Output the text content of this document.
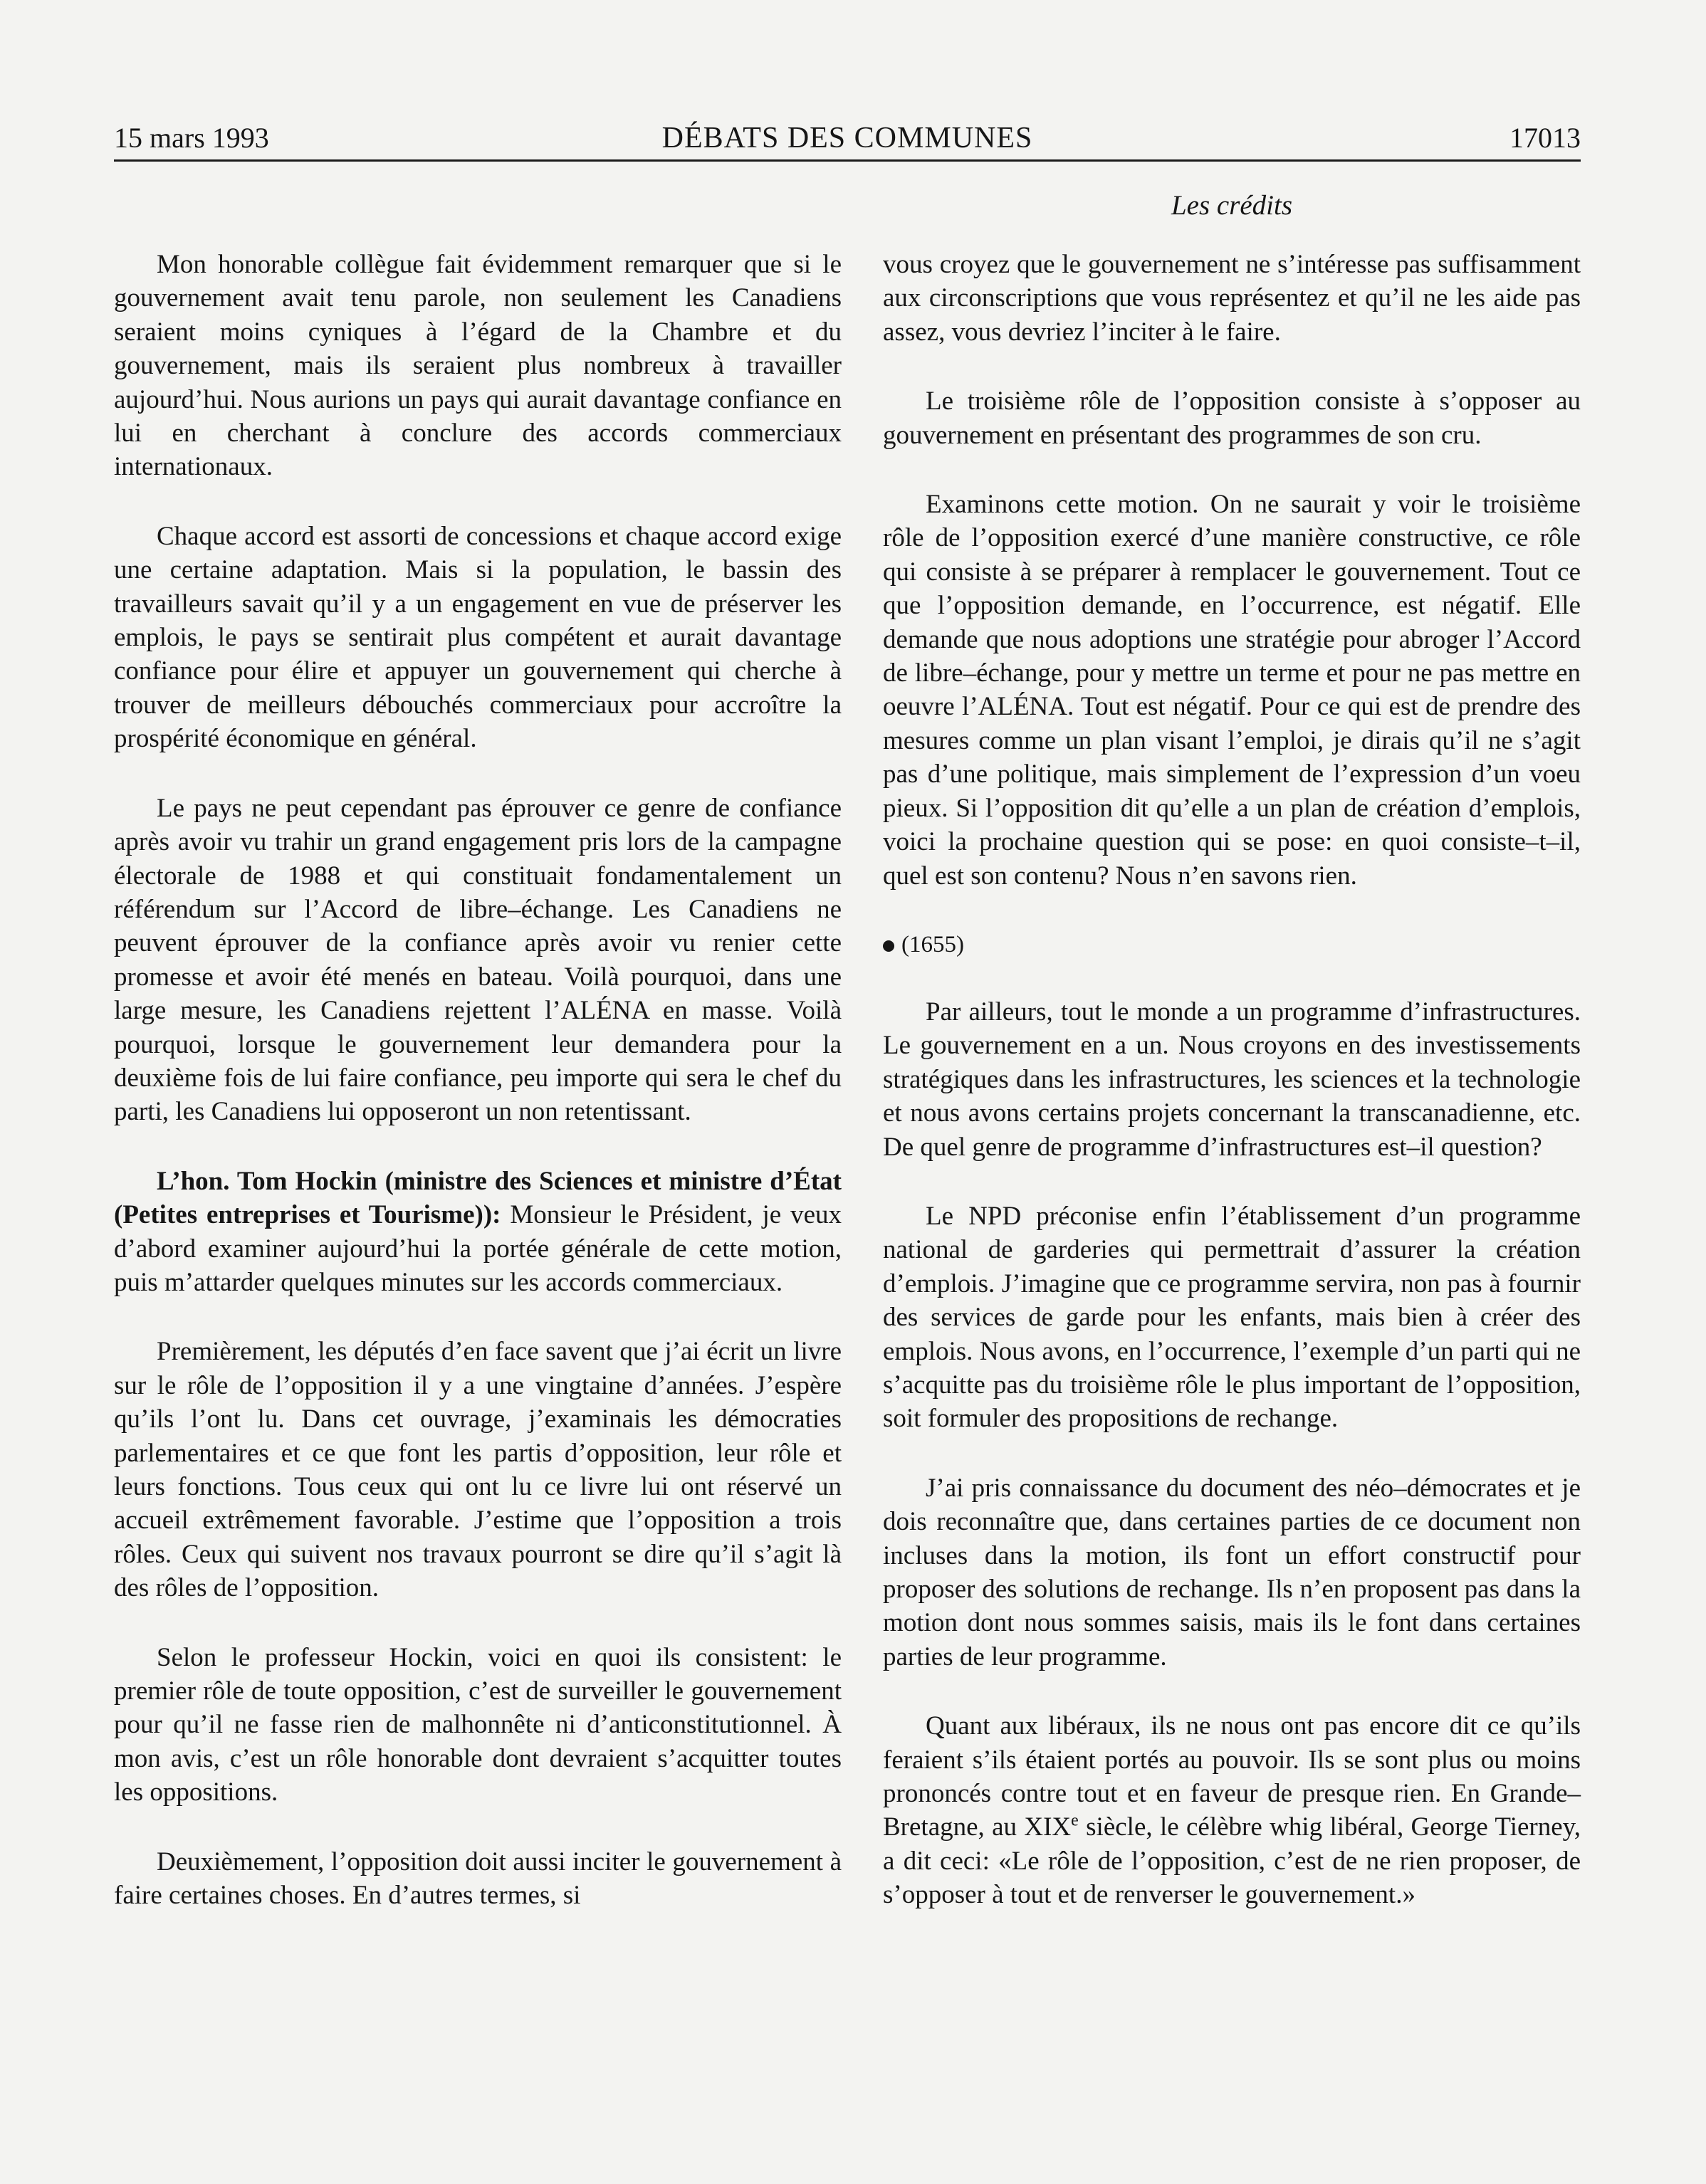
15 mars 1993	DÉBATS DES COMMUNES	17013
Les crédits

Mon honorable collègue fait évidemment remarquer que si le gouvernement avait tenu parole, non seulement les Canadiens seraient moins cyniques à l’égard de la Chambre et du gouvernement, mais ils seraient plus nombreux à travailler aujourd’hui. Nous aurions un pays qui aurait davantage confiance en lui en cherchant à conclure des accords commerciaux internationaux.

Chaque accord est assorti de concessions et chaque accord exige une certaine adaptation. Mais si la population, le bassin des travailleurs savait qu’il y a un engagement en vue de préserver les emplois, le pays se sentirait plus compétent et aurait davantage confiance pour élire et appuyer un gouvernement qui cherche à trouver de meilleurs débouchés commerciaux pour accroître la prospérité économique en général.

Le pays ne peut cependant pas éprouver ce genre de confiance après avoir vu trahir un grand engagement pris lors de la campagne électorale de 1988 et qui constituait fondamentalement un référendum sur l’Accord de libre–échange. Les Canadiens ne peuvent éprouver de la confiance après avoir vu renier cette promesse et avoir été menés en bateau. Voilà pourquoi, dans une large mesure, les Canadiens rejettent l’ALÉNA en masse. Voilà pourquoi, lorsque le gouvernement leur demandera pour la deuxième fois de lui faire confiance, peu importe qui sera le chef du parti, les Canadiens lui opposeront un non retentissant.

L’hon. Tom Hockin (ministre des Sciences et ministre d’État (Petites entreprises et Tourisme)): Monsieur le Président, je veux d’abord examiner aujourd’hui la portée générale de cette motion, puis m’attarder quelques minutes sur les accords commerciaux.

Premièrement, les députés d’en face savent que j’ai écrit un livre sur le rôle de l’opposition il y a une vingtaine d’années. J’espère qu’ils l’ont lu. Dans cet ouvrage, j’examinais les démocraties parlementaires et ce que font les partis d’opposition, leur rôle et leurs fonctions. Tous ceux qui ont lu ce livre lui ont réservé un accueil extrêmement favorable. J’estime que l’opposition a trois rôles. Ceux qui suivent nos travaux pourront se dire qu’il s’agit là des rôles de l’opposition.

Selon le professeur Hockin, voici en quoi ils consistent: le premier rôle de toute opposition, c’est de surveiller le gouvernement pour qu’il ne fasse rien de malhonnête ni d’anticonstitutionnel. À mon avis, c’est un rôle honorable dont devraient s’acquitter toutes les oppositions.

Deuxièmement, l’opposition doit aussi inciter le gouvernement à faire certaines choses. En d’autres termes, si

vous croyez que le gouvernement ne s’intéresse pas suffisamment aux circonscriptions que vous représentez et qu’il ne les aide pas assez, vous devriez l’inciter à le faire.

Le troisième rôle de l’opposition consiste à s’opposer au gouvernement en présentant des programmes de son cru.

Examinons cette motion. On ne saurait y voir le troisième rôle de l’opposition exercé d’une manière constructive, ce rôle qui consiste à se préparer à remplacer le gouvernement. Tout ce que l’opposition demande, en l’occurrence, est négatif. Elle demande que nous adoptions une stratégie pour abroger l’Accord de libre–échange, pour y mettre un terme et pour ne pas mettre en oeuvre l’ALÉNA. Tout est négatif. Pour ce qui est de prendre des mesures comme un plan visant l’emploi, je dirais qu’il ne s’agit pas d’une politique, mais simplement de l’expression d’un voeu pieux. Si l’opposition dit qu’elle a un plan de création d’emplois, voici la prochaine question qui se pose: en quoi consiste–t–il, quel est son contenu? Nous n’en savons rien.

(1655)

Par ailleurs, tout le monde a un programme d’infrastructures. Le gouvernement en a un. Nous croyons en des investissements stratégiques dans les infrastructures, les sciences et la technologie et nous avons certains projets concernant la transcanadienne, etc. De quel genre de programme d’infrastructures est–il question?

Le NPD préconise enfin l’établissement d’un programme national de garderies qui permettrait d’assurer la création d’emplois. J’imagine que ce programme servira, non pas à fournir des services de garde pour les enfants, mais bien à créer des emplois. Nous avons, en l’occurrence, l’exemple d’un parti qui ne s’acquitte pas du troisième rôle le plus important de l’opposition, soit formuler des propositions de rechange.

J’ai pris connaissance du document des néo–démocrates et je dois reconnaître que, dans certaines parties de ce document non incluses dans la motion, ils font un effort constructif pour proposer des solutions de rechange. Ils n’en proposent pas dans la motion dont nous sommes saisis, mais ils le font dans certaines parties de leur programme.

Quant aux libéraux, ils ne nous ont pas encore dit ce qu’ils feraient s’ils étaient portés au pouvoir. Ils se sont plus ou moins prononcés contre tout et en faveur de presque rien. En Grande–Bretagne, au XIXe siècle, le célèbre whig libéral, George Tierney, a dit ceci: «Le rôle de l’opposition, c’est de ne rien proposer, de s’opposer à tout et de renverser le gouvernement.»
